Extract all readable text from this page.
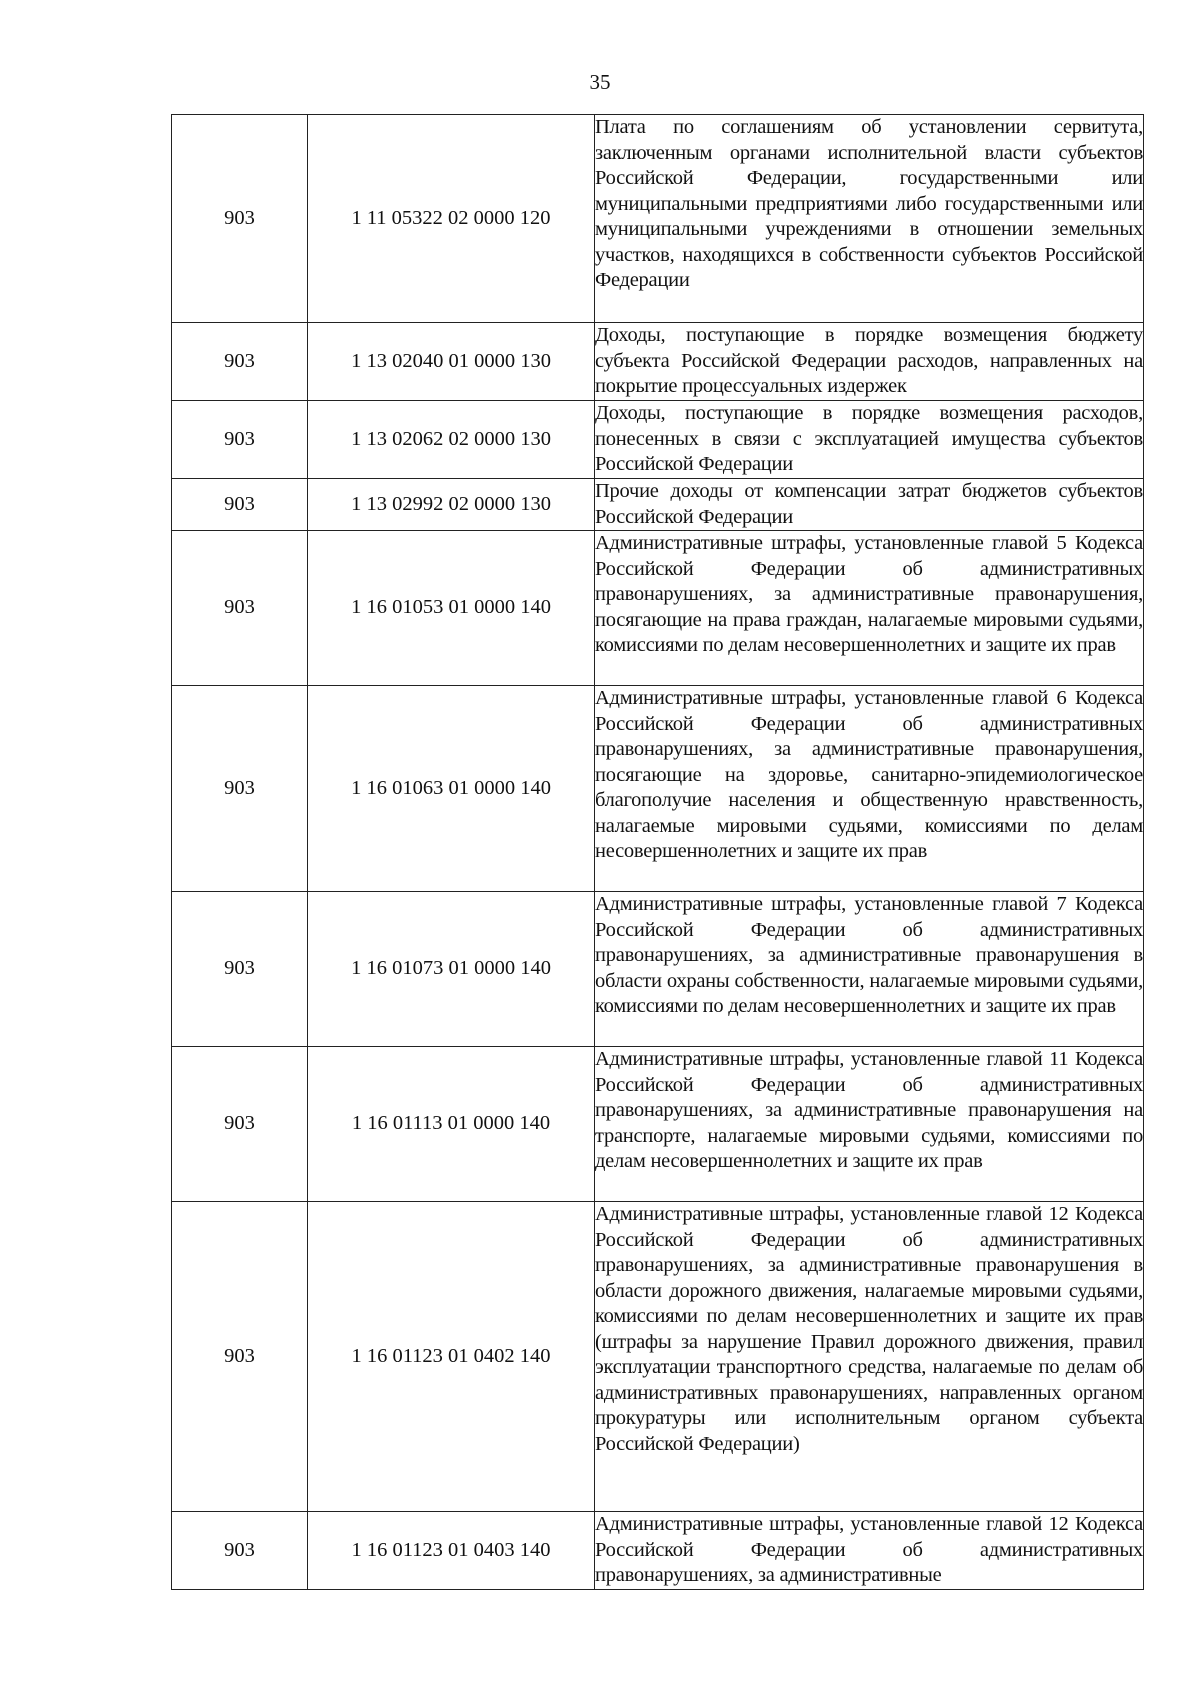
35
903	1 11 05322 02 0000 120	Плата по соглашениям об установлении сервитута, заключенным органами исполнительной власти субъектов Российской Федерации, государственными или муниципальными предприятиями либо государственными или муниципальными учреждениями в отношении земельных участков, находящихся в собственности субъектов Российской Федерации
903	1 13 02040 01 0000 130	Доходы, поступающие в порядке возмещения бюджету субъекта Российской Федерации расходов, направленных на покрытие процессуальных издержек
903	1 13 02062 02 0000 130	Доходы, поступающие в порядке возмещения расходов, понесенных в связи с эксплуатацией имущества субъектов Российской Федерации
903	1 13 02992 02 0000 130	Прочие доходы от компенсации затрат бюджетов субъектов Российской Федерации
903	1 16 01053 01 0000 140	Административные штрафы, установленные главой 5 Кодекса Российской Федерации об административных правонарушениях, за административные правонарушения, посягающие на права граждан, налагаемые мировыми судьями, комиссиями по делам несовершеннолетних и защите их прав
903	1 16 01063 01 0000 140	Административные штрафы, установленные главой 6 Кодекса Российской Федерации об административных правонарушениях, за административные правонарушения, посягающие на здоровье, санитарно-эпидемиологическое благополучие населения и общественную нравственность, налагаемые мировыми судьями, комиссиями по делам несовершеннолетних и защите их прав
903	1 16 01073 01 0000 140	Административные штрафы, установленные главой 7 Кодекса Российской Федерации об административных правонарушениях, за административные правонарушения в области охраны собственности, налагаемые мировыми судьями, комиссиями по делам несовершеннолетних и защите их прав
903	1 16 01113 01 0000 140	Административные штрафы, установленные главой 11 Кодекса Российской Федерации об административных правонарушениях, за административные правонарушения на транспорте, налагаемые мировыми судьями, комиссиями по делам несовершеннолетних и защите их прав
903	1 16 01123 01 0402 140	Административные штрафы, установленные главой 12 Кодекса Российской Федерации об административных правонарушениях, за административные правонарушения в области дорожного движения, налагаемые мировыми судьями, комиссиями по делам несовершеннолетних и защите их прав (штрафы за нарушение Правил дорожного движения, правил эксплуатации транспортного средства, налагаемые по делам об административных правонарушениях, направленных органом прокуратуры или исполнительным органом субъекта Российской Федерации)
903	1 16 01123 01 0403 140	Административные штрафы, установленные главой 12 Кодекса Российской Федерации об административных правонарушениях, за административные
